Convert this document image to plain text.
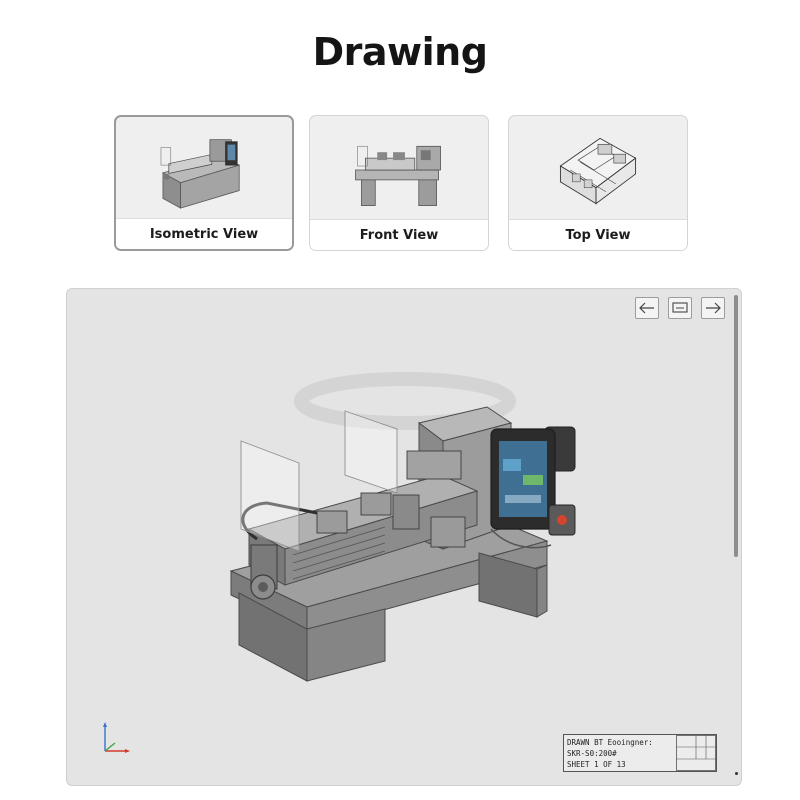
Drawing
Isometric View	Front View	Top View
DRAWN BT Eooingner:
SKR-S0:200#
SHEET 1 OF 13
